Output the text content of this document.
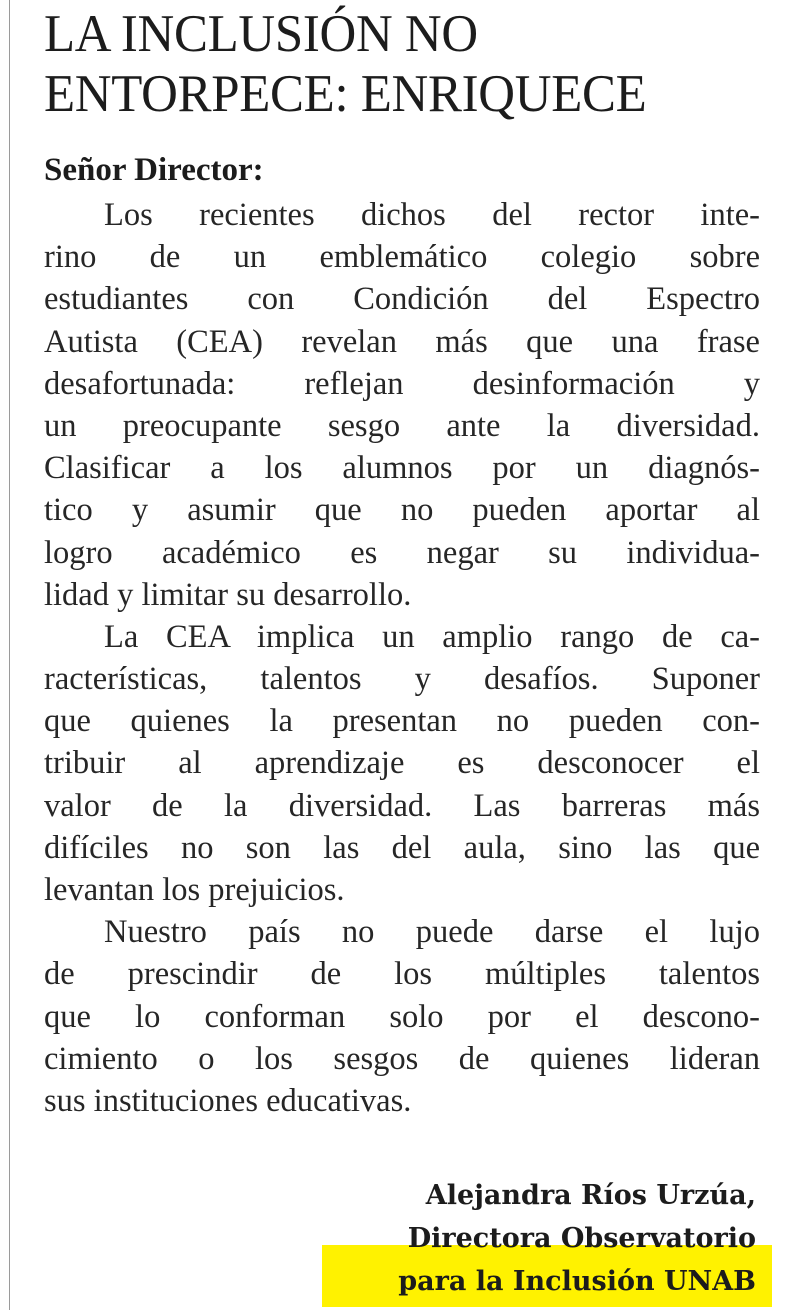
LA INCLUSIÓN NO
ENTORPECE: ENRIQUECE
Señor Director:
Los recientes dichos del rector inte-
rino de un emblemático colegio sobre
estudiantes con Condición del Espectro
Autista (CEA) revelan más que una frase
desafortunada: reflejan desinformación y
un preocupante sesgo ante la diversidad.
Clasificar a los alumnos por un diagnós-
tico y asumir que no pueden aportar al
logro académico es negar su individua-
lidad y limitar su desarrollo.
La CEA implica un amplio rango de ca-
racterísticas, talentos y desafíos. Suponer
que quienes la presentan no pueden con-
tribuir al aprendizaje es desconocer el
valor de la diversidad. Las barreras más
difíciles no son las del aula, sino las que
levantan los prejuicios.
Nuestro país no puede darse el lujo
de prescindir de los múltiples talentos
que lo conforman solo por el descono-
cimiento o los sesgos de quienes lideran
sus instituciones educativas.
Alejandra Ríos Urzúa,
Directora Observatorio
para la Inclusión UNAB
